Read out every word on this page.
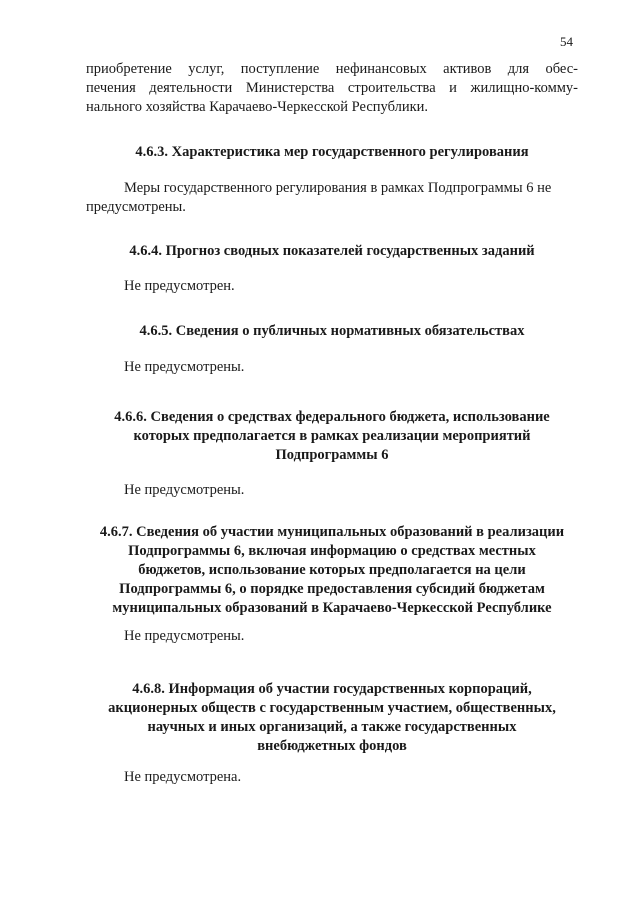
54
приобретение услуг, поступление нефинансовых активов для обес-
печения деятельности Министерства строительства и жилищно-комму-
нального хозяйства Карачаево-Черкесской Республики.
4.6.3. Характеристика мер государственного регулирования
Меры государственного регулирования в рамках Подпрограммы 6 не
предусмотрены.
4.6.4. Прогноз сводных показателей государственных заданий
Не предусмотрен.
4.6.5. Сведения о публичных нормативных обязательствах
Не предусмотрены.
4.6.6. Сведения о средствах федерального бюджета, использование
которых предполагается в рамках реализации мероприятий
Подпрограммы 6
Не предусмотрены.
4.6.7. Сведения об участии муниципальных образований в реализации
Подпрограммы 6, включая информацию о средствах местных
бюджетов, использование которых предполагается на цели
Подпрограммы 6, о порядке предоставления субсидий бюджетам
муниципальных образований в Карачаево-Черкесской Республике
Не предусмотрены.
4.6.8. Информация об участии государственных корпораций,
акционерных обществ с государственным участием, общественных,
научных и иных организаций, а также государственных
внебюджетных фондов
Не предусмотрена.
